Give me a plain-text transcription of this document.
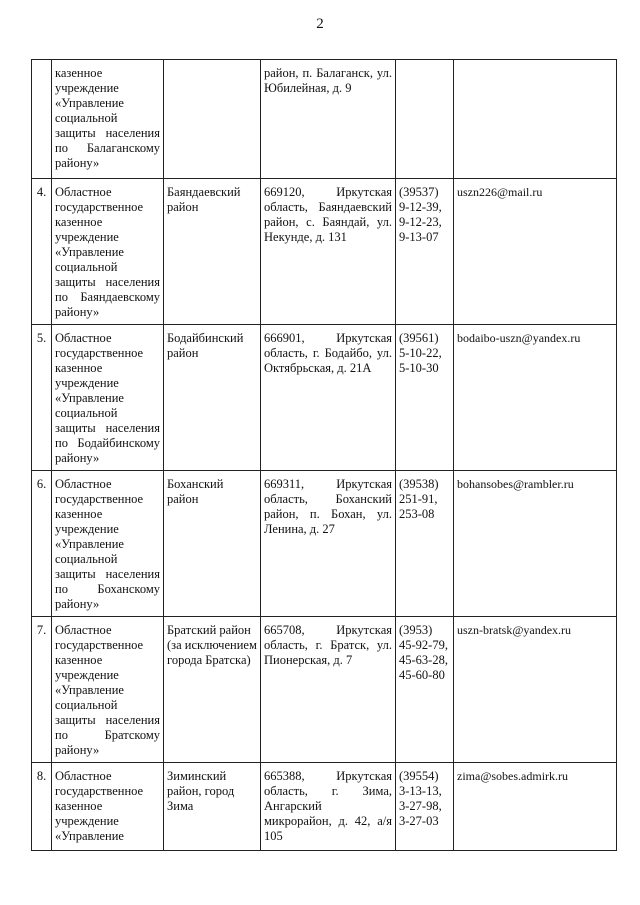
2
	казенное учреждение «Управление социальной защиты населения по Балаганскому району»		район, п. Балаганск, ул. Юбилейная, д. 9		
4.	Областное государственное казенное учреждение «Управление социальной защиты населения по Баяндаевскому району»	Баяндаевский район	669120, Иркутская область, Баяндаевский район, с. Баяндай, ул. Некунде, д. 131	(39537)
9-12-39,
9-12-23,
9-13-07	uszn226@mail.ru
5.	Областное государственное казенное учреждение «Управление социальной защиты населения по Бодайбинскому району»	Бодайбинский район	666901, Иркутская область, г. Бодайбо, ул. Октябрьская, д. 21А	(39561)
5-10-22,
5-10-30	bodaibo-uszn@yandex.ru
6.	Областное государственное казенное учреждение «Управление социальной защиты населения по Боханскому району»	Боханский район	669311, Иркутская область, Боханский район, п. Бохан, ул. Ленина, д. 27	(39538)
251-91,
253-08	bohansobes@rambler.ru
7.	Областное государственное казенное учреждение «Управление социальной защиты населения по Братскому району»	Братский район (за исключением города Братска)	665708, Иркутская область, г. Братск, ул. Пионерская, д. 7	(3953)
45-92-79,
45-63-28,
45-60-80	uszn-bratsk@yandex.ru
8.	Областное государственное казенное учреждение «Управление	Зиминский район, город Зима	665388, Иркутская область, г. Зима, Ангарский микрорайон, д. 42, а/я 105	(39554)
3-13-13,
3-27-98,
3-27-03	zima@sobes.admirk.ru
